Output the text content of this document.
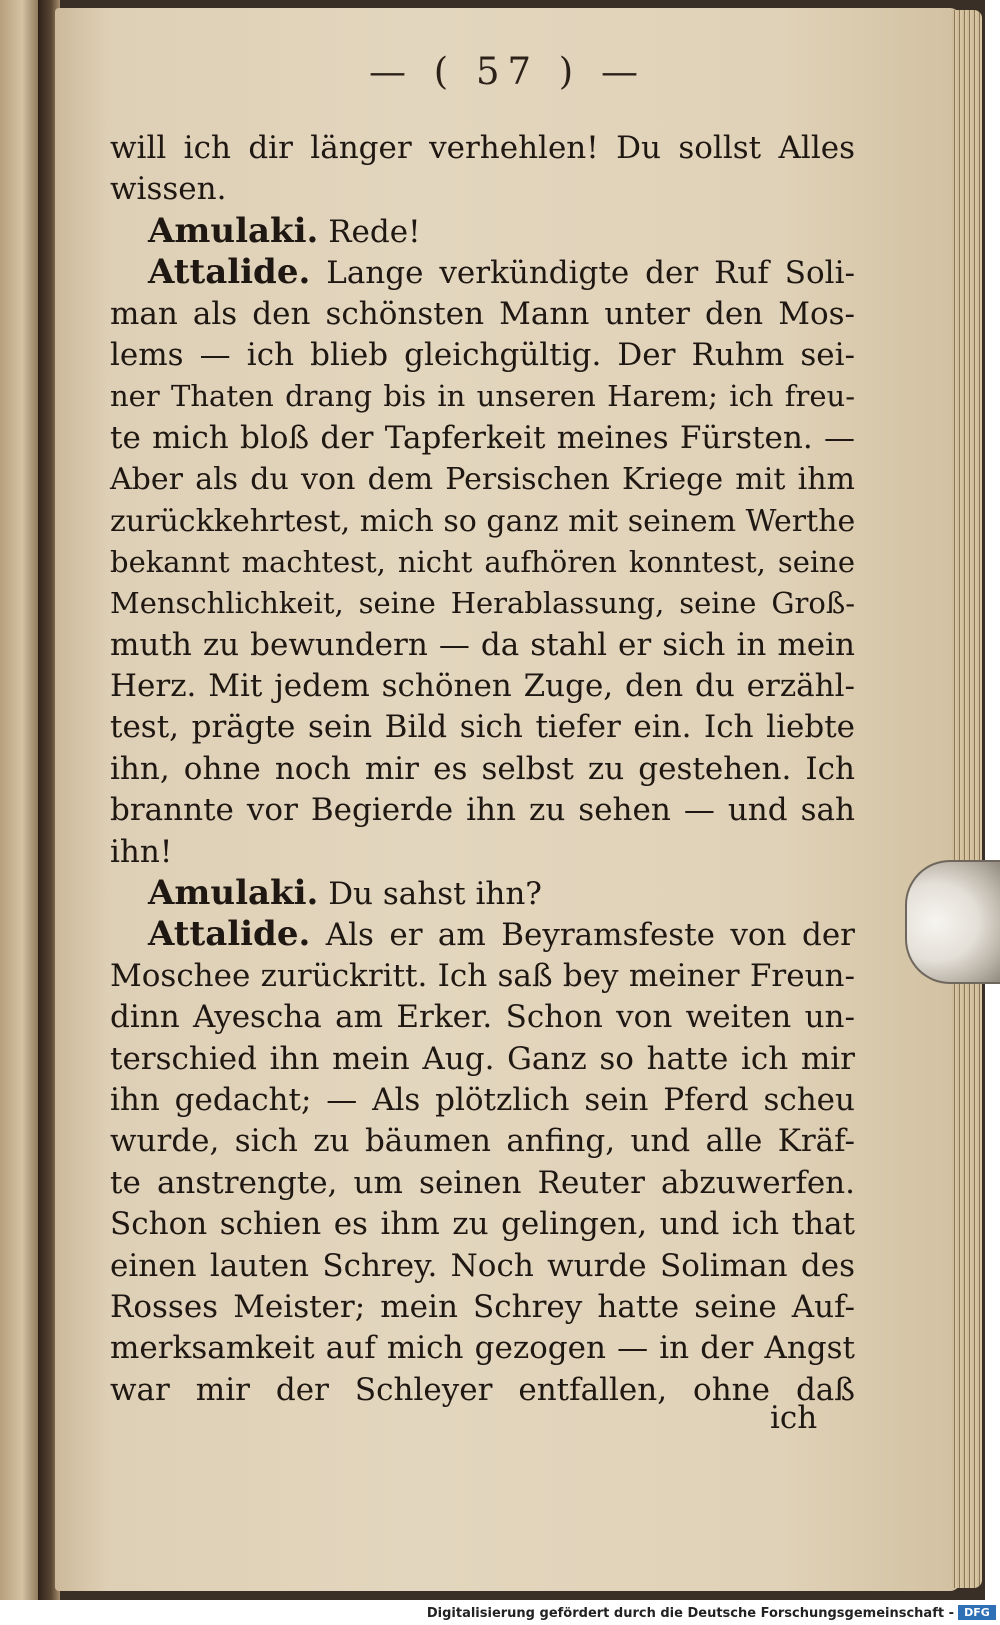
— ( 57 ) —
will ich dir länger verhehlen! Du sollst Alles
wissen.
Amulaki. Rede!
Attalide. Lange verkündigte der Ruf Soli-
man als den schönsten Mann unter den Mos-
lems — ich blieb gleichgültig. Der Ruhm sei-
ner Thaten drang bis in unseren Harem; ich freu-
te mich bloß der Tapferkeit meines Fürsten. —
Aber als du von dem Persischen Kriege mit ihm
zurückkehrtest, mich so ganz mit seinem Werthe
bekannt machtest, nicht aufhören konntest, seine
Menschlichkeit, seine Herablassung, seine Groß-
muth zu bewundern — da stahl er sich in mein
Herz. Mit jedem schönen Zuge, den du erzähl-
test, prägte sein Bild sich tiefer ein. Ich liebte
ihn, ohne noch mir es selbst zu gestehen. Ich
brannte vor Begierde ihn zu sehen — und sah
ihn!
Amulaki. Du sahst ihn?
Attalide. Als er am Beyramsfeste von der
Moschee zurückritt. Ich saß bey meiner Freun-
dinn Ayescha am Erker. Schon von weiten un-
terschied ihn mein Aug. Ganz so hatte ich mir
ihn gedacht; — Als plötzlich sein Pferd scheu
wurde, sich zu bäumen anfing, und alle Kräf-
te anstrengte, um seinen Reuter abzuwerfen.
Schon schien es ihm zu gelingen, und ich that
einen lauten Schrey. Noch wurde Soliman des
Rosses Meister; mein Schrey hatte seine Auf-
merksamkeit auf mich gezogen — in der Angst
war mir der Schleyer entfallen, ohne daß
ich
Digitalisierung gefördert durch die Deutsche Forschungsgemeinschaft - DFG
